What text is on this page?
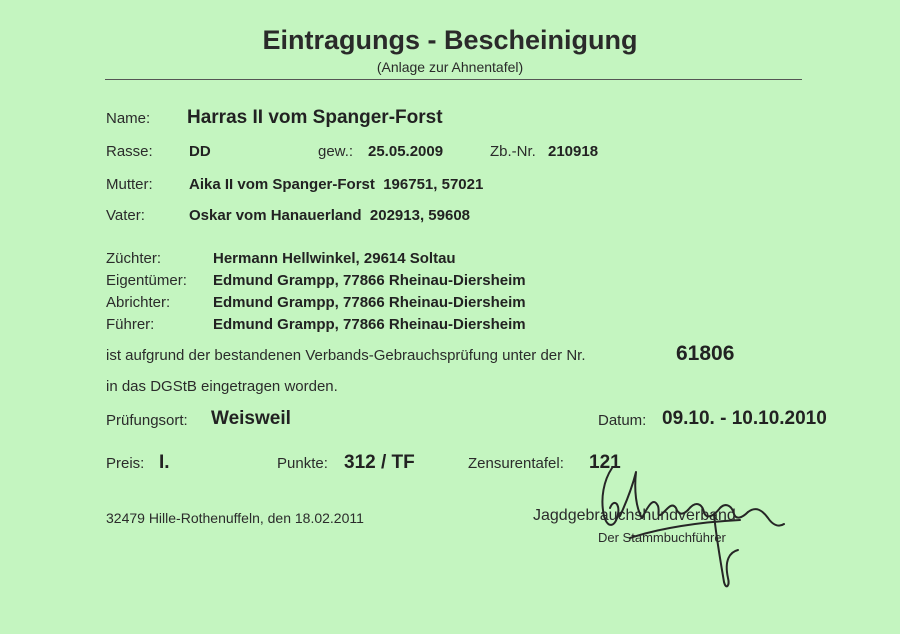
Eintragungs - Bescheinigung
(Anlage zur Ahnentafel)
Name: Harras II vom Spanger-Forst
Rasse: DD	gew.: 25.05.2009	Zb.-Nr. 210918
Mutter: Aika II vom Spanger-Forst  196751, 57021
Vater:	Oskar vom Hanauerland  202913, 59608
Züchter:	Hermann Hellwinkel, 29614 Soltau
Eigentümer: Edmund Grampp, 77866 Rheinau-Diersheim
Abrichter:	Edmund Grampp, 77866 Rheinau-Diersheim
Führer:	Edmund Grampp, 77866 Rheinau-Diersheim
ist aufgrund der bestandenen Verbands-Gebrauchsprüfung unter der Nr.	61806
in das DGStB eingetragen worden.
Prüfungsort: Weisweil	Datum: 09.10. - 10.10.2010
Preis: I.	Punkte: 312 / TF	Zensurentafel: 121
32479 Hille-Rothenuffeln, den 18.02.2011	Jagdgebrauchshundverband
Der Stammbuchführer
